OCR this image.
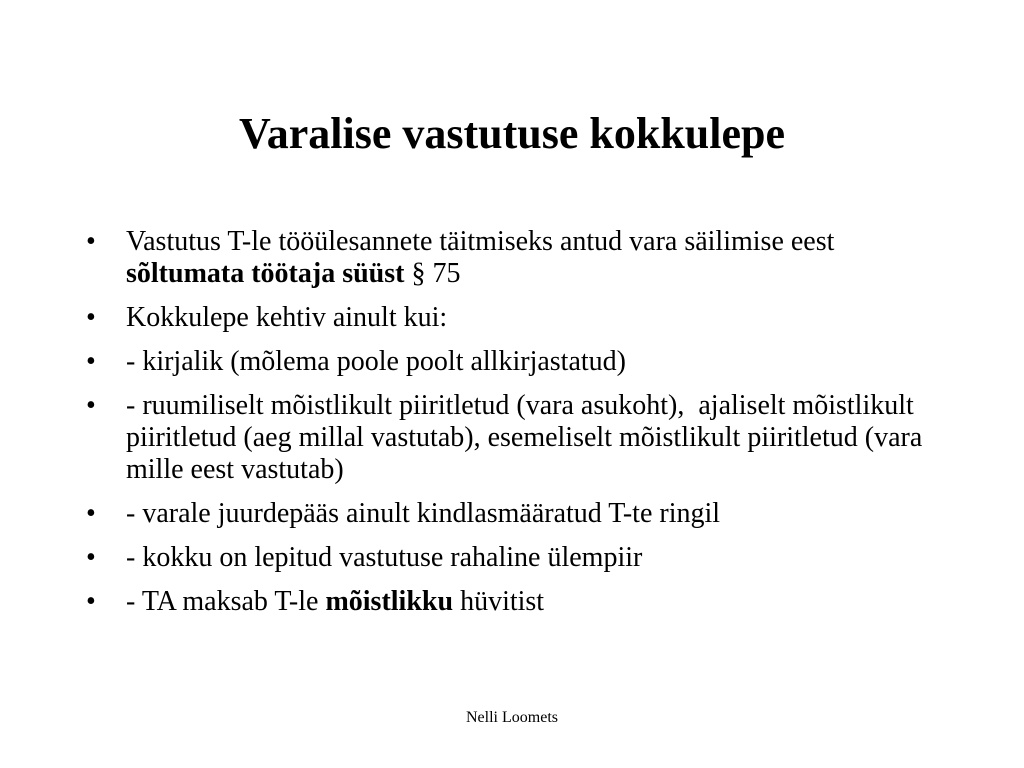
Varalise vastutuse kokkulepe
•	Vastutus T-le tööülesannete täitmiseks antud vara säilimise eest  sõltumata töötaja süüst § 75
•	Kokkulepe kehtiv ainult kui:
•	- kirjalik (mõlema poole poolt allkirjastatud)
•	- ruumiliselt mõistlikult piiritletud (vara asukoht),  ajaliselt mõistlikult piiritletud (aeg millal vastutab), esemeliselt mõistlikult piiritletud (vara mille eest vastutab)
•	- varale juurdepääs ainult kindlasmääratud T-te ringil
•	- kokku on lepitud vastutuse rahaline ülempiir
•	- TA maksab T-le mõistlikku hüvitist
Nelli Loomets
